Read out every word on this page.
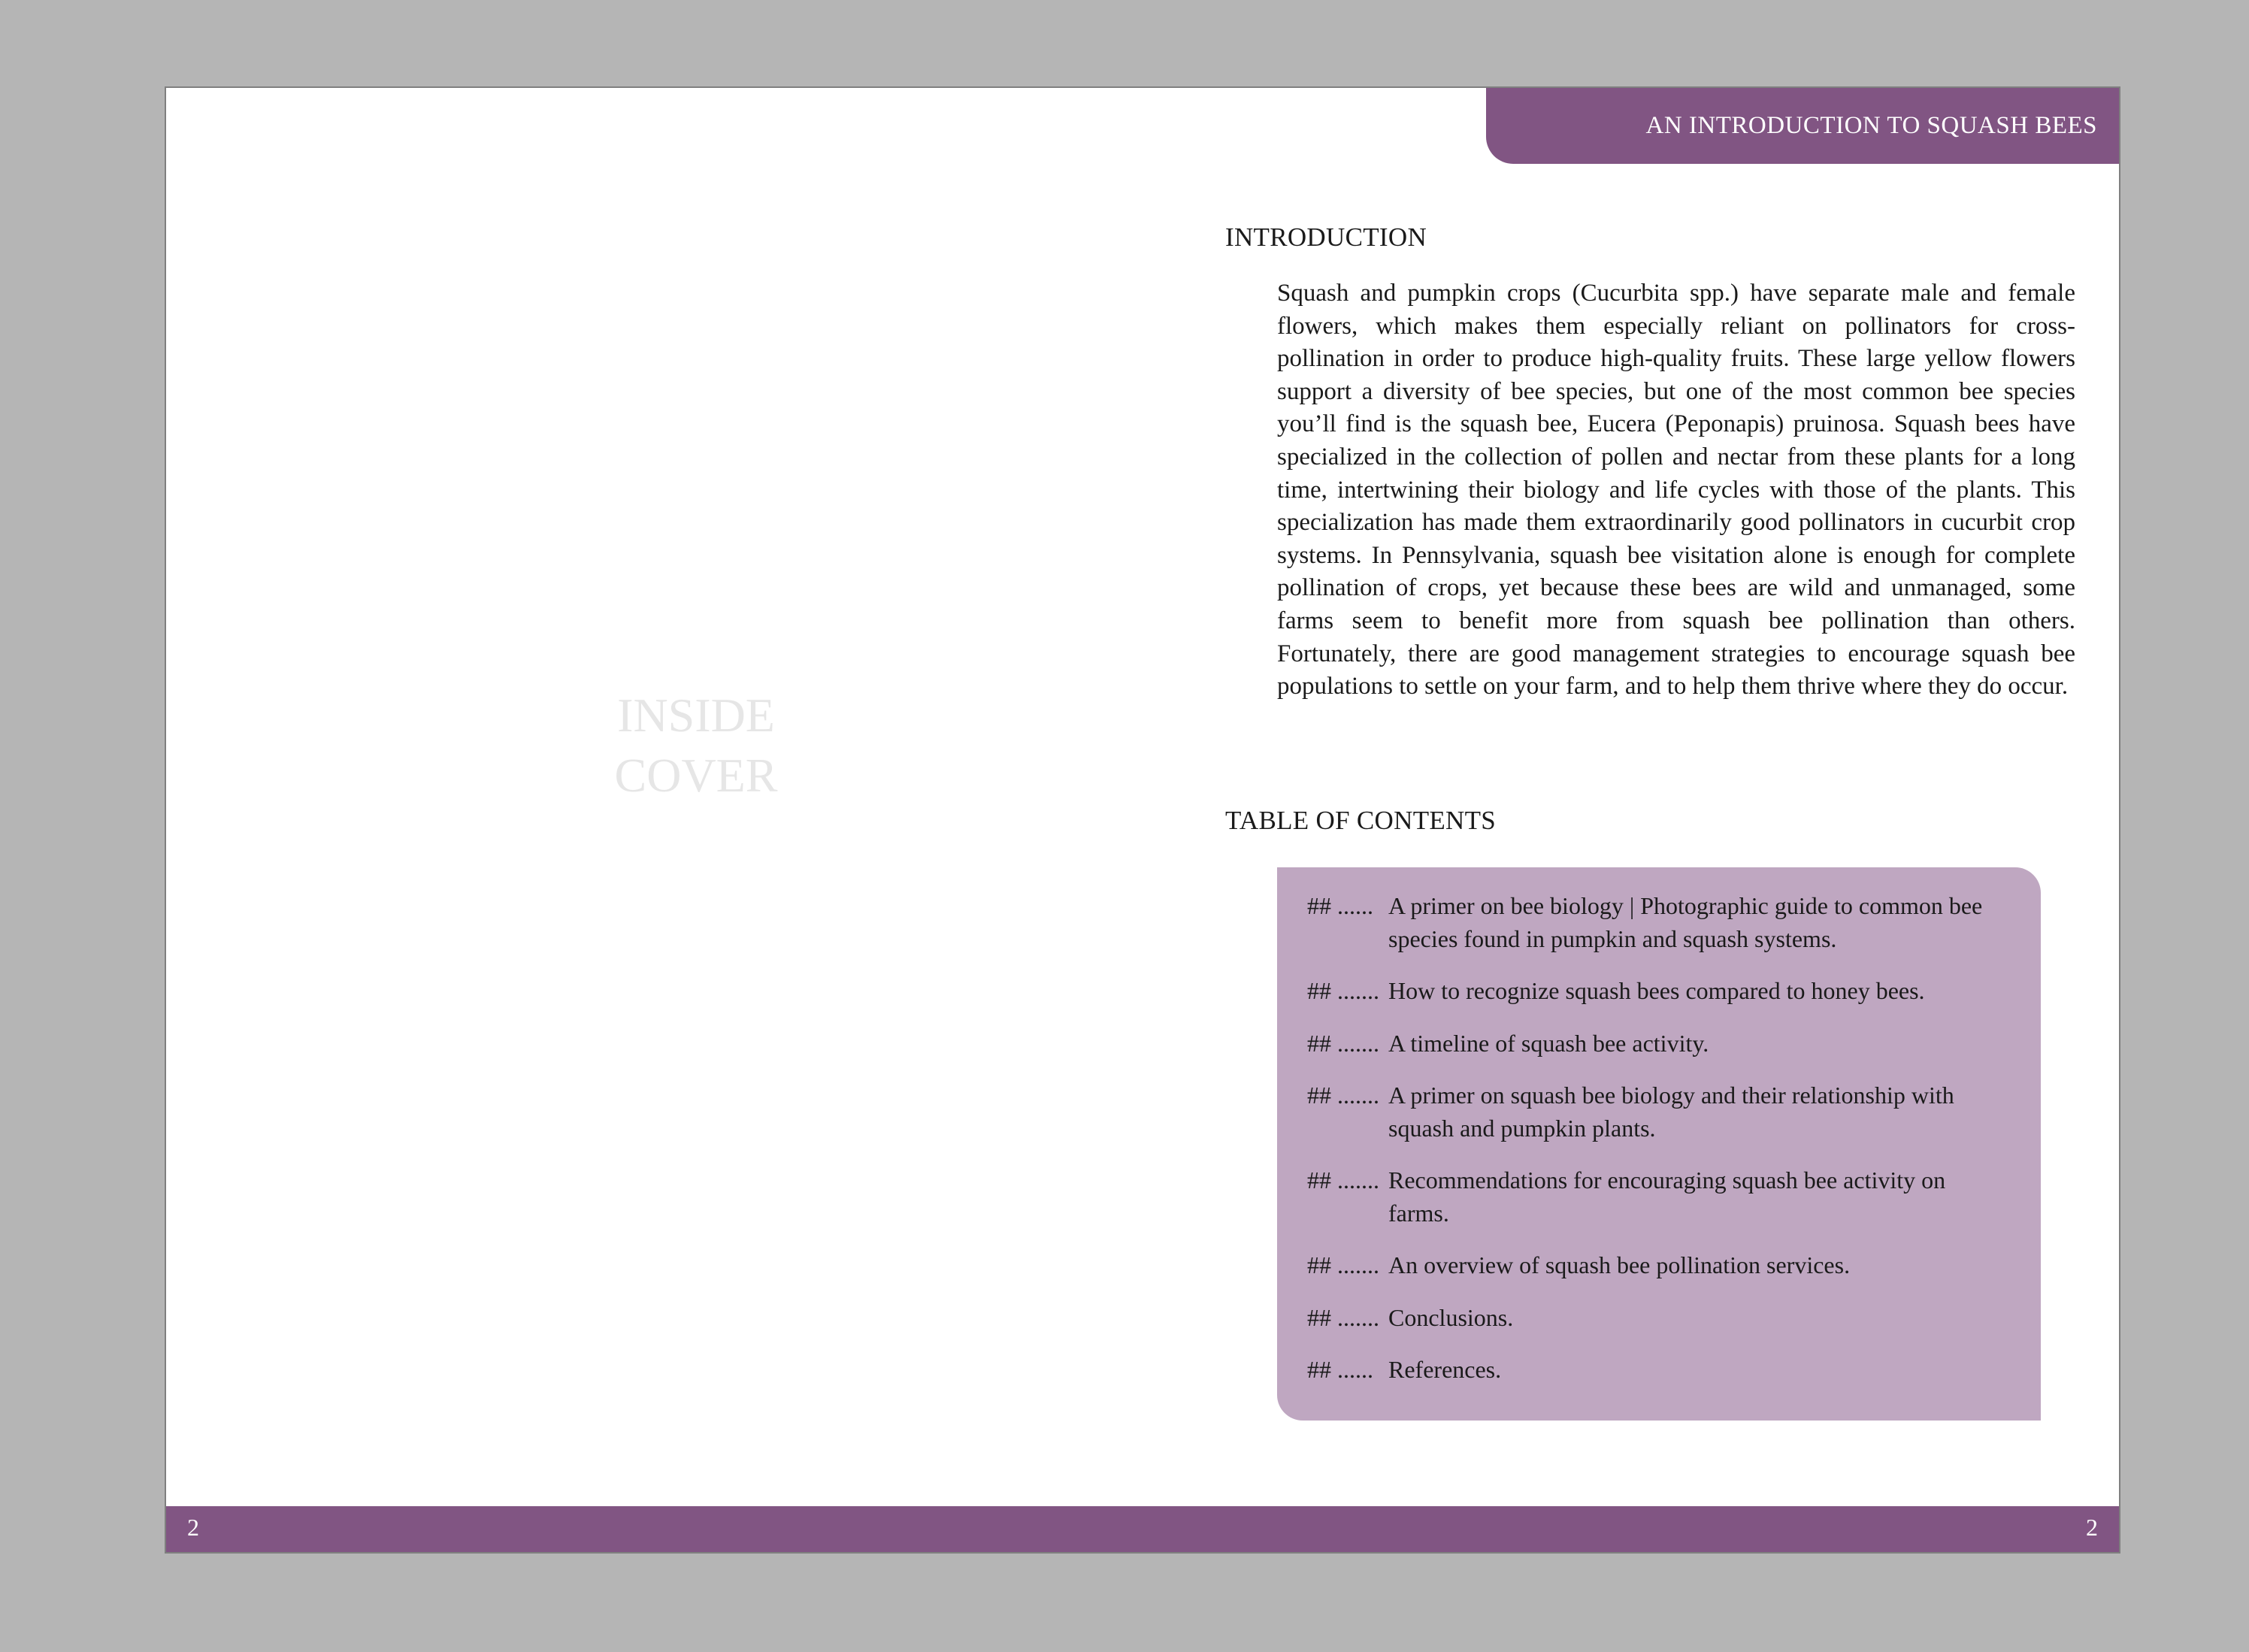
AN INTRODUCTION TO SQUASH BEES
INSIDE
COVER
INTRODUCTION

Squash and pumpkin crops (Cucurbita spp.) have separate male and female flowers, which makes them especially reliant on pollinators for cross-pollination in order to produce high-quality fruits. These large yellow flowers support a diversity of bee species, but one of the most common bee species you’ll find is the squash bee, Eucera (Peponapis) pruinosa. Squash bees have specialized in the collection of pollen and nectar from these plants for a long time, intertwining their biology and life cycles with those of the plants. This specialization has made them extraordinarily good pollinators in cucurbit crop systems. In Pennsylvania, squash bee visitation alone is enough for complete pollination of crops, yet because these bees are wild and unmanaged, some farms seem to benefit more from squash bee pollination than others. Fortunately, there are good management strategies to encourage squash bee populations to settle on your farm, and to help them thrive where they do occur.

TABLE OF CONTENTS
## ...... A primer on bee biology | Photographic guide to common bee species found in pumpkin and squash systems.
## ....... How to recognize squash bees compared to honey bees.
## ....... A timeline of squash bee activity.
## ....... A primer on squash bee biology and their relationship with squash and pumpkin plants.
## ....... Recommendations for encouraging squash bee activity on farms.
## ....... An overview of squash bee pollination services.
## ....... Conclusions.
## ...... References.
2	2
